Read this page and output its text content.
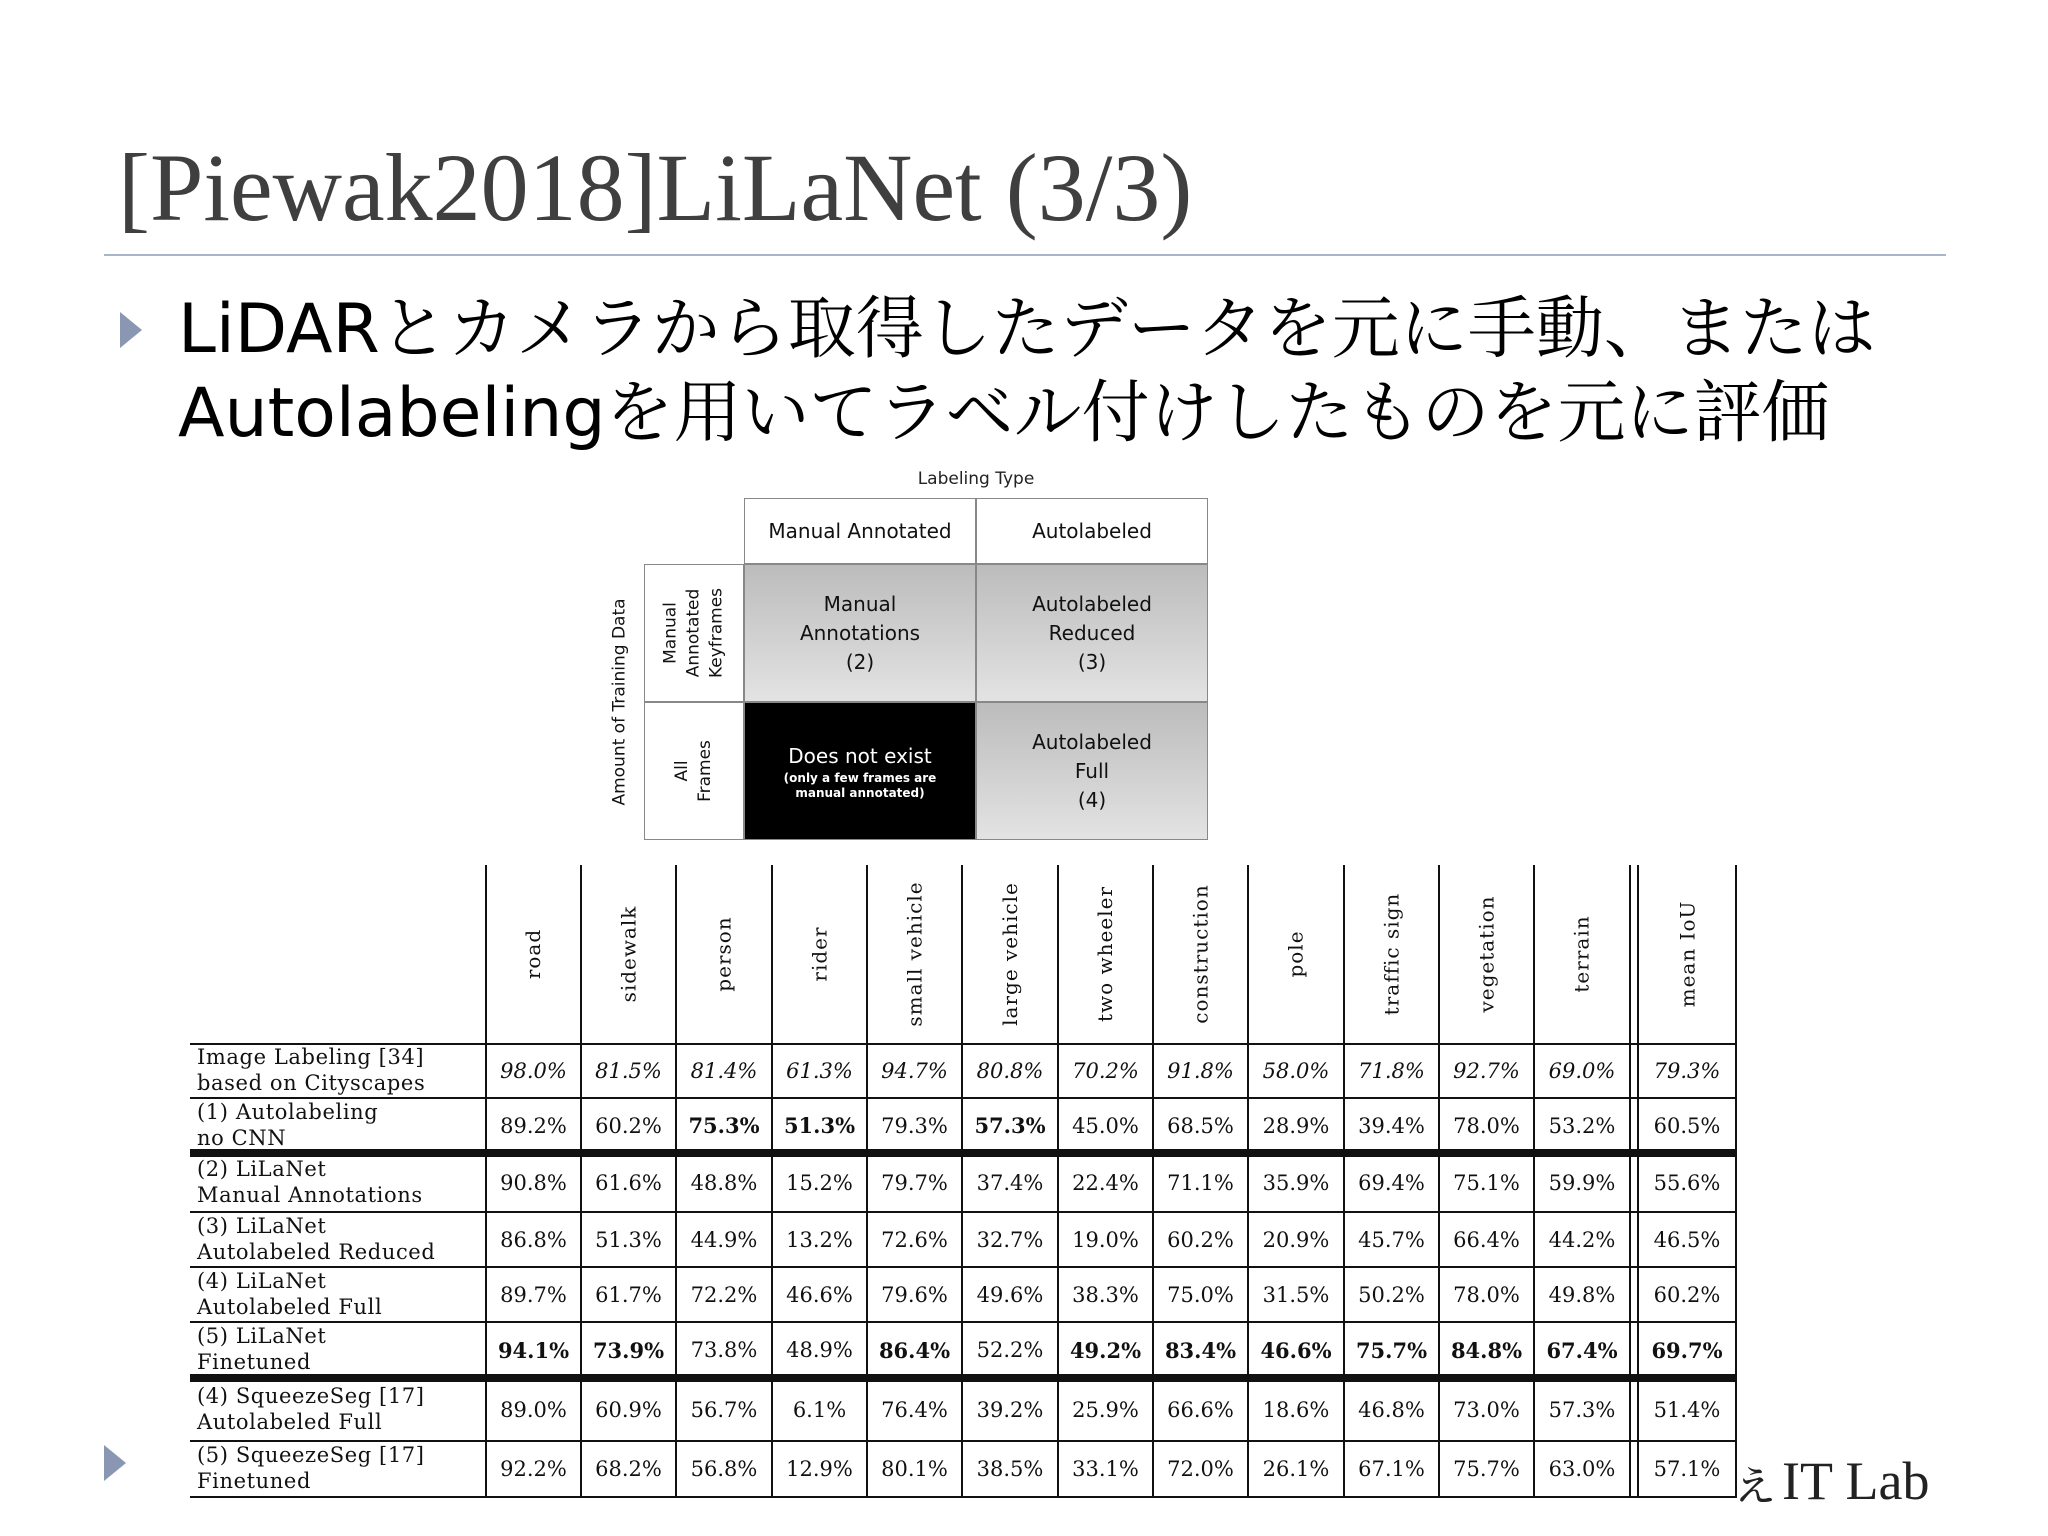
[Piewak2018]LiLaNet (3/3)
LiDARとカメラから取得したデータを元に手動、または
Autolabelingを用いてラベル付けしたものを元に評価
Labeling Type
Manual Annotated	Autolabeled
Amount of Training Data Manual Annotated Keyframes
All Frames
Manual
Annotations
(2)
Autolabeled
Reduced
(3)
Does not exist
(only a few frames are
manual annotated)
Autolabeled
Full
(4)
road	sidewalk	person	rider	small vehicle	large vehicle	two wheeler	construction	pole	traffic sign	vegetation	terrain	mean IoU
Image Labeling [34]
based on Cityscapes	98.0%	81.5%	81.4%	61.3%	94.7%	80.8%	70.2%	91.8%	58.0%	71.8%	92.7%	69.0%	79.3%
(1) Autolabeling
no CNN	89.2%	60.2%	75.3%	51.3%	79.3%	57.3%	45.0%	68.5%	28.9%	39.4%	78.0%	53.2%	60.5%
(2) LiLaNet
Manual Annotations	90.8%	61.6%	48.8%	15.2%	79.7%	37.4%	22.4%	71.1%	35.9%	69.4%	75.1%	59.9%	55.6%
(3) LiLaNet
Autolabeled Reduced	86.8%	51.3%	44.9%	13.2%	72.6%	32.7%	19.0%	60.2%	20.9%	45.7%	66.4%	44.2%	46.5%
(4) LiLaNet
Autolabeled Full	89.7%	61.7%	72.2%	46.6%	79.6%	49.6%	38.3%	75.0%	31.5%	50.2%	78.0%	49.8%	60.2%
(5) LiLaNet
Finetuned	94.1%	73.9%	73.8%	48.9%	86.4%	52.2%	49.2%	83.4%	46.6%	75.7%	84.8%	67.4%	69.7%
(4) SqueezeSeg [17]
Autolabeled Full	89.0%	60.9%	56.7%	6.1%	76.4%	39.2%	25.9%	66.6%	18.6%	46.8%	73.0%	57.3%	51.4%
(5) SqueezeSeg [17]
Finetuned	92.2%	68.2%	56.8%	12.9%	80.1%	38.5%	33.1%	72.0%	26.1%	67.1%	75.7%	63.0%	57.1% ぇIT Lab
